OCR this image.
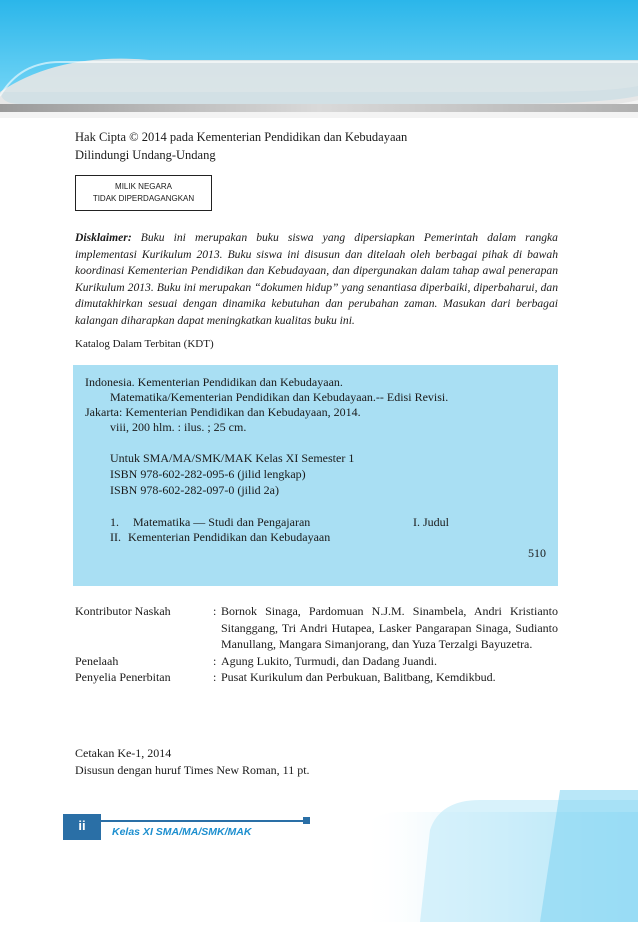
Hak Cipta © 2014 pada Kementerian Pendidikan dan Kebudayaan
Dilindungi Undang-Undang
MILIK NEGARA
TIDAK DIPERDAGANGKAN
Disklaimer: Buku ini merupakan buku siswa yang dipersiapkan Pemerintah dalam rangka implementasi Kurikulum 2013. Buku siswa ini disusun dan ditelaah oleh berbagai pihak di bawah koordinasi Kementerian Pendidikan dan Kebudayaan, dan dipergunakan dalam tahap awal penerapan Kurikulum 2013. Buku ini merupakan “dokumen hidup” yang senantiasa diperbaiki, diperbaharui, dan dimutakhirkan sesuai dengan dinamika kebutuhan dan perubahan zaman. Masukan dari berbagai kalangan diharapkan dapat meningkatkan kualitas buku ini.
Katalog Dalam Terbitan (KDT)
Indonesia. Kementerian Pendidikan dan Kebudayaan.
Matematika/Kementerian Pendidikan dan Kebudayaan.-- Edisi Revisi.
Jakarta: Kementerian Pendidikan dan Kebudayaan, 2014.
viii, 200 hlm. : ilus. ; 25 cm.
Untuk SMA/MA/SMK/MAK Kelas XI Semester 1
ISBN 978-602-282-095-6 (jilid lengkap)
ISBN 978-602-282-097-0 (jilid 2a)
1. Matematika — Studi dan Pengajaran	I. Judul
II. Kementerian Pendidikan dan Kebudayaan
510
Kontributor Naskah	: Bornok Sinaga, Pardomuan N.J.M. Sinambela, Andri Kristianto Sitanggang, Tri Andri Hutapea, Lasker Pangarapan Sinaga, Sudianto Manullang, Mangara Simanjorang, dan Yuza Terzalgi Bayuzetra.
Penelaah	: Agung Lukito, Turmudi, dan Dadang Juandi.
Penyelia Penerbitan	: Pusat Kurikulum dan Perbukuan, Balitbang, Kemdikbud.
Cetakan Ke-1, 2014
Disusun dengan huruf Times New Roman, 11 pt.
ii	Kelas XI SMA/MA/SMK/MAK
